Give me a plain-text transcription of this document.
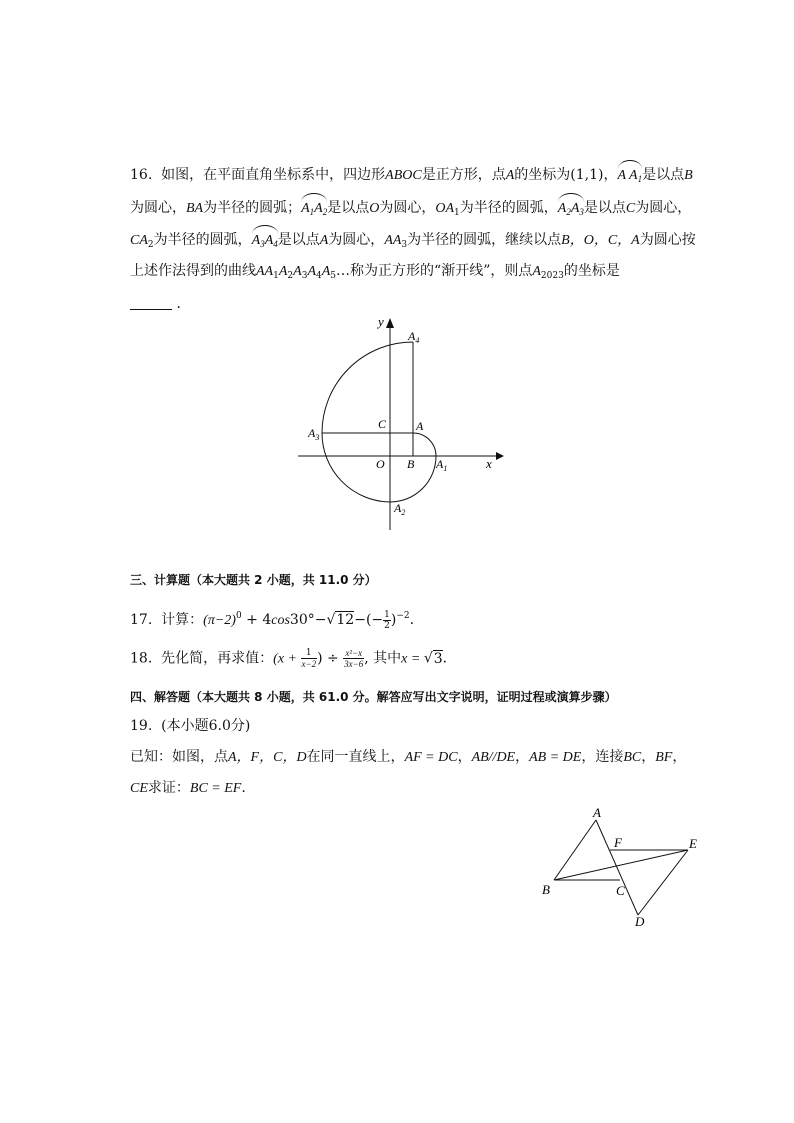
16. 如图，在平面直角坐标系中，四边形ABOC是正方形，点A的坐标为(1,1)，A $A_1$是以点B
为圆心，BA为半径的圆弧；$A_1A_2$是以点O为圆心，$OA_1$为半径的圆弧，$A_2A_3$是以点C为圆心，
$CA_2$为半径的圆弧，$A_3A_4$是以点A为圆心，$AA_3$为半径的圆弧，继续以点B，O，C，A为圆心按
上述作法得到的曲线$AA_1A_2A_3A_4A_5\dots$称为正方形的“渐开线”，则点$A_{2023}$的坐标是
．
y
x
O B
C A
$A_1$
$A_2$
$A_3$
$A_4$
三、计算题（本大题共 2 小题，共 11.0 分）
17. 计算：$(\pi-2)^0 + 4\cos 30^\circ-√12-(- \frac{1}{2} )^{-2}$.
18. 先化简，再求值：($x + \frac{1}{x-2}$ ) ÷ $\frac{\text{x²−x}}{3x-6}$ , 其中x = √3.
四、解答题（本大题共 8 小题，共 61.0 分。解答应写出文字说明，证明过程或演算步骤）
19. (本小题6.0分)
已知：如图，点A，F，C，D在同一直线上，AF = DC，AB//DE，AB = DE，连接BC，BF，
CE求证：BC = EF.
A
B	C
D
E
F
